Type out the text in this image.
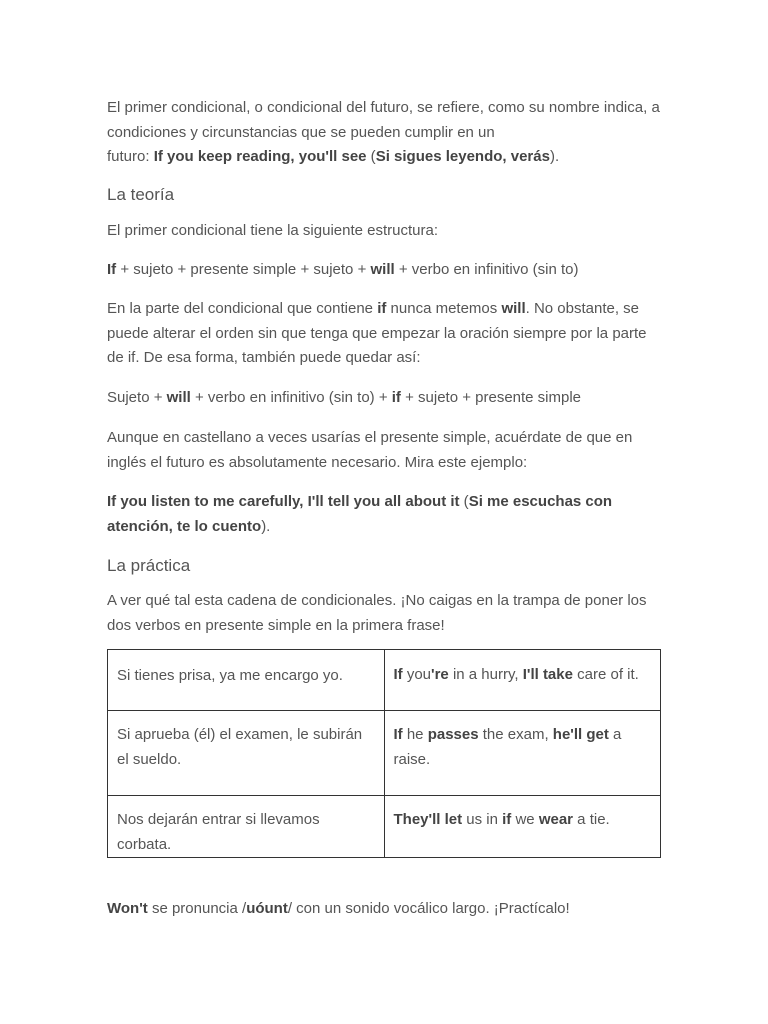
El primer condicional, o condicional del futuro, se refiere, como su nombre indica, a condiciones y circunstancias que se pueden cumplir en un
futuro: If you keep reading, you'll see (Si sigues leyendo, verás).

La teoría

El primer condicional tiene la siguiente estructura:

If + sujeto + presente simple + sujeto + will + verbo en infinitivo (sin to)

En la parte del condicional que contiene if nunca metemos will. No obstante, se puede alterar el orden sin que tenga que empezar la oración siempre por la parte de if. De esa forma, también puede quedar así:

Sujeto + will + verbo en infinitivo (sin to) + if + sujeto + presente simple

Aunque en castellano a veces usarías el presente simple, acuérdate de que en inglés el futuro es absolutamente necesario. Mira este ejemplo:

If you listen to me carefully, I'll tell you all about it (Si me escuchas con atención, te lo cuento).

La práctica

A ver qué tal esta cadena de condicionales. ¡No caigas en la trampa de poner los dos verbos en presente simple en la primera frase!

Si tienes prisa, ya me encargo yo.	If you're in a hurry, I'll take care of it.
Si aprueba (él) el examen, le subirán el sueldo.	If he passes the exam, he'll get a raise.
Nos dejarán entrar si llevamos corbata.	They'll let us in if we wear a tie.

Won't se pronuncia /uóunt/ con un sonido vocálico largo. ¡Practícalo!
